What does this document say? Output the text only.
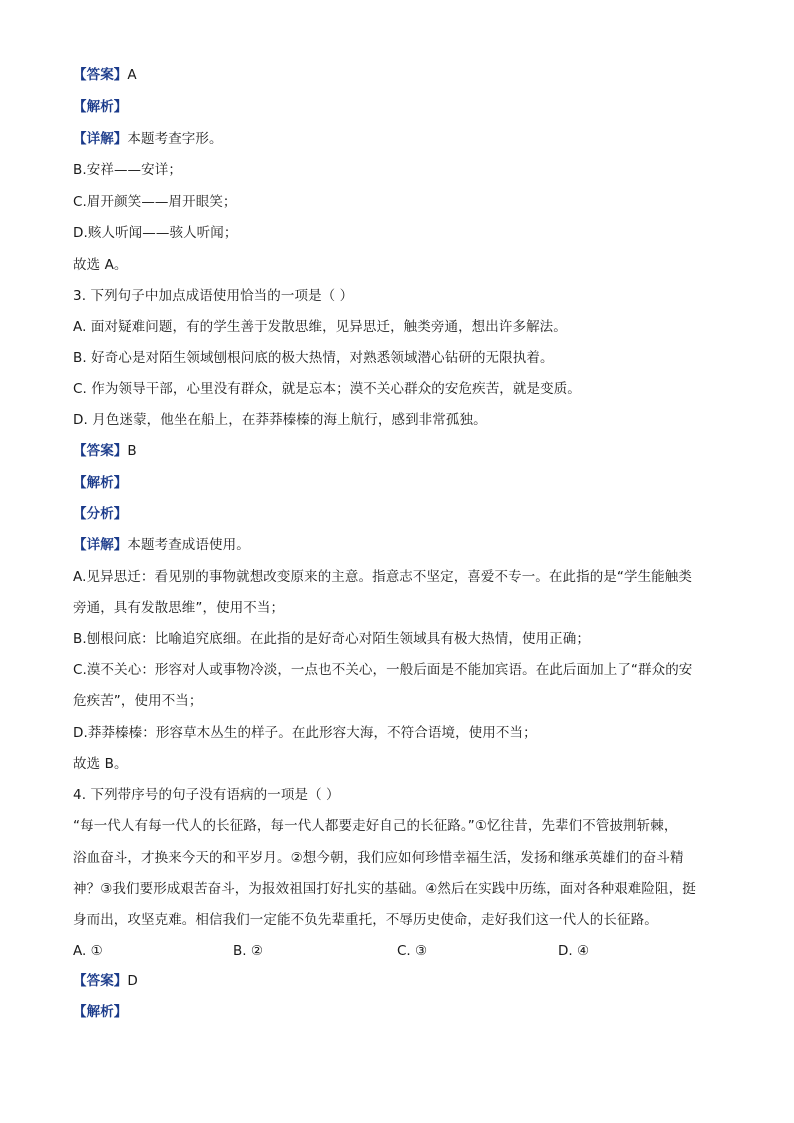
【答案】A
【解析】
【详解】本题考查字形。
B.安祥——安详；
C.眉开颜笑——眉开眼笑；
D.赅人听闻——骇人听闻；
故选 A。
3. 下列句子中加点成语使用恰当的一项是（ ）
A. 面对疑难问题，有的学生善于发散思维，见异思迁，触类旁通，想出许多解法。
B. 好奇心是对陌生领域刨根问底的极大热情，对熟悉领域潜心钻研的无限执着。
C. 作为领导干部，心里没有群众，就是忘本；漠不关心群众的安危疾苦，就是变质。
D. 月色迷蒙，他坐在船上，在莽莽榛榛的海上航行，感到非常孤独。
【答案】B
【解析】
【分析】
【详解】本题考查成语使用。
A.见异思迁：看见别的事物就想改变原来的主意。指意志不坚定，喜爱不专一。在此指的是“学生能触类
旁通，具有发散思维”，使用不当；
B.刨根问底：比喻追究底细。在此指的是好奇心对陌生领域具有极大热情，使用正确；
C.漠不关心：形容对人或事物冷淡，一点也不关心，一般后面是不能加宾语。在此后面加上了“群众的安
危疾苦”，使用不当；
D.莽莽榛榛：形容草木丛生的样子。在此形容大海，不符合语境，使用不当；
故选 B。
4. 下列带序号的句子没有语病的一项是（ ）
“每一代人有每一代人的长征路，每一代人都要走好自己的长征路。”①忆往昔，先辈们不管披荆斩棘，
浴血奋斗，才换来今天的和平岁月。②想今朝，我们应如何珍惜幸福生活，发扬和继承英雄们的奋斗精
神？③我们要形成艰苦奋斗，为报效祖国打好扎实的基础。④然后在实践中历练，面对各种艰难险阻，挺
身而出，攻坚克难。相信我们一定能不负先辈重托，不辱历史使命，走好我们这一代人的长征路。
【答案】D
【解析】
A. ①	B. ②	C. ③	D. ④
